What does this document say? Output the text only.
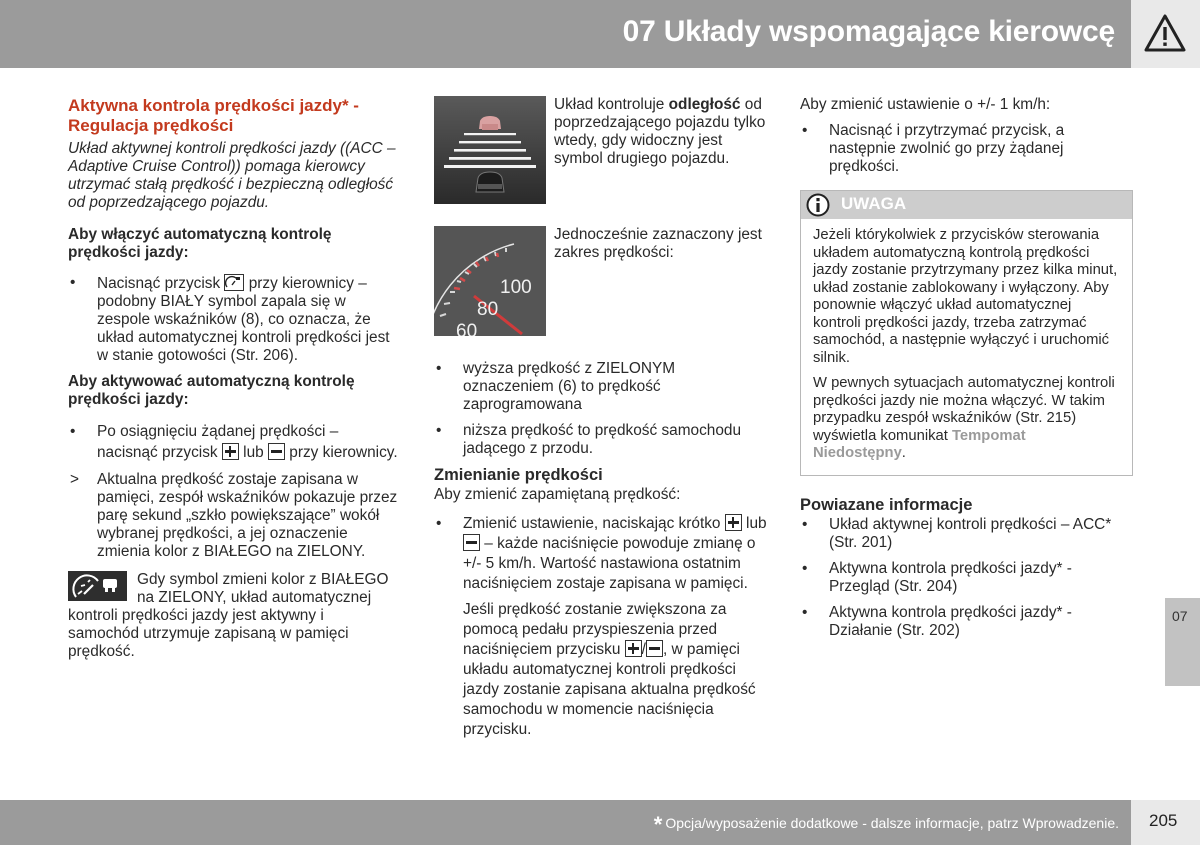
07 Układy wspomagające kierowcę
Aktywna kontrola prędkości jazdy* - Regulacja prędkości

Układ aktywnej kontroli prędkości jazdy ((ACC – Adaptive Cruise Control)) pomaga kierowcy utrzymać stałą prędkość i bezpieczną odległość od poprzedzającego pojazdu.

Aby włączyć automatyczną kontrolę prędkości jazdy:

• Nacisnąć przycisk przy kierownicy – podobny BIAŁY symbol zapala się w zespole wskaźników (8), co oznacza, że układ automatycznej kontroli prędkości jest w stanie gotowości (Str. 206).

Aby aktywować automatyczną kontrolę prędkości jazdy:

• Po osiągnięciu żądanej prędkości – nacisnąć przycisk lub przy kierownicy.
> Aktualna prędkość zostaje zapisana w pamięci, zespół wskaźników pokazuje przez parę sekund „szkło powiększające” wokół wybranej prędkości, a jej oznaczenie zmienia kolor z BIAŁEGO na ZIELONY.
Gdy symbol zmieni kolor z BIAŁEGO na ZIELONY, układ automatycznej kontroli prędkości jazdy jest aktywny i samochód utrzymuje zapisaną w pamięci prędkość.
Układ kontroluje odległość od poprzedzającego pojazdu tylko wtedy, gdy widoczny jest symbol drugiego pojazdu.
100
80
60
Jednocześnie zaznaczony jest zakres prędkości:
• wyższa prędkość z ZIELONYM oznaczeniem (6) to prędkość zaprogramowana
• niższa prędkość to prędkość samochodu jadącego z przodu.
Zmienianie prędkości

Aby zmienić zapamiętaną prędkość:

• Zmienić ustawienie, naciskając krótko lub  – każde naciśnięcie powoduje zmianę o +/- 5 km/h. Wartość nastawiona ostatnim naciśnięciem zostaje zapisana w pamięci.
Jeśli prędkość zostanie zwiększona za pomocą pedału przyspieszenia przed naciśnięciem przycisku / , w pamięci układu automatycznej kontroli prędkości jazdy zostanie zapisana aktualna prędkość samochodu w momencie naciśnięcia przycisku.

Aby zmienić ustawienie o +/- 1 km/h:

• Nacisnąć i przytrzymać przycisk, a następnie zwolnić go przy żądanej prędkości.
UWAGA

Jeżeli którykolwiek z przycisków sterowania układem automatyczną kontrolą prędkości jazdy zostanie przytrzymany przez kilka minut, układ zostanie zablokowany i wyłączony. Aby ponownie włączyć układ automatycznej kontroli prędkości jazdy, trzeba zatrzymać samochód, a następnie wyłączyć i uruchomić silnik.

W pewnych sytuacjach automatycznej kontroli prędkości jazdy nie można włączyć. W takim przypadku zespół wskaźników (Str. 215) wyświetla komunikat Tempomat Niedostępny.

Powiazane informacje
• Układ aktywnej kontroli prędkości – ACC* (Str. 201)
• Aktywna kontrola prędkości jazdy* - Przegląd (Str. 204)
• Aktywna kontrola prędkości jazdy* - Działanie (Str. 202)
07
* Opcja/wyposażenie dodatkowe - dalsze informacje, patrz Wprowadzenie. 205
